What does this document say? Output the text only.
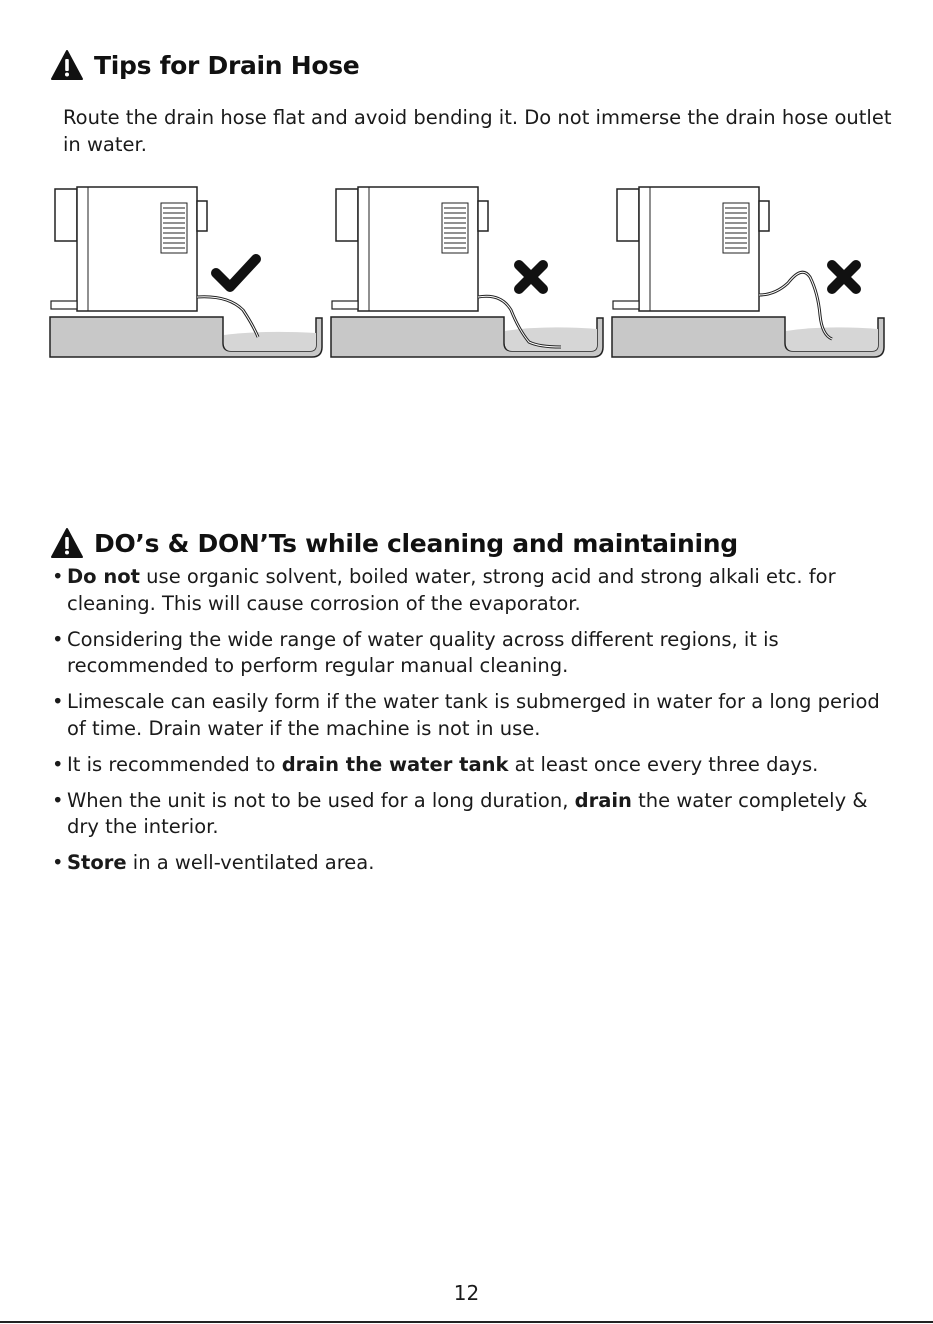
Tips for Drain Hose

Route the drain hose flat and avoid bending it. Do not immerse the drain hose outlet in water.

DO’s & DON’Ts while cleaning and maintaining
• Do not use organic solvent, boiled water, strong acid and strong alkali etc. for cleaning. This will cause corrosion of the evaporator.
• Considering the wide range of water quality across different regions, it is recommended to perform regular manual cleaning.
• Limescale can easily form if the water tank is submerged in water for a long period of time. Drain water if the machine is not in use.
• It is recommended to drain the water tank at least once every three days.
• When the unit is not to be used for a long duration, drain the water completely & dry the interior.
• Store in a well-ventilated area.
12
